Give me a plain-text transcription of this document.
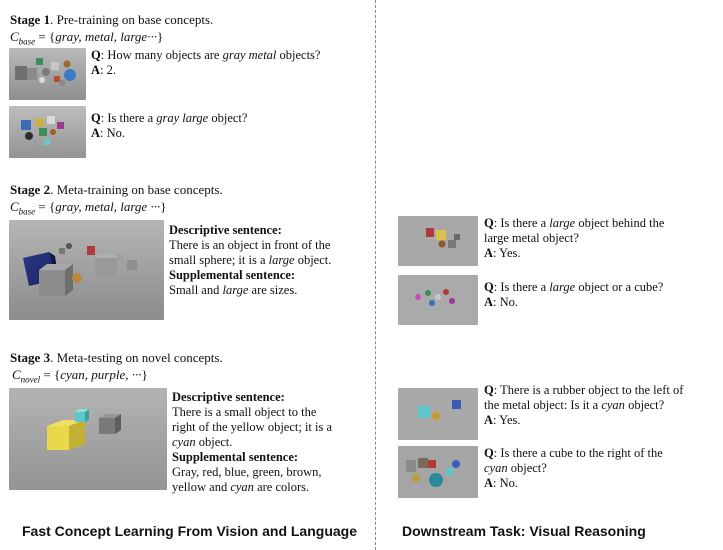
Stage 1. Pre-training on base concepts.
$C_{base}$ = {gray, metal, large···}
Q: How many objects are gray metal objects?
A: 2.
Q: Is there a gray large object?
A: No.
Stage 2. Meta-training on base concepts.
$C_{base}$ = {gray, metal, large ···}
Descriptive sentence:
There is an object in front of the
small sphere; it is a large object.
Supplemental sentence:
Small and large are sizes.
Stage 3. Meta-testing on novel concepts.
$C_{novel}$ = {cyan, purple, ···}
Descriptive sentence:
There is a small object to the
right of the yellow object; it is a
cyan object.
Supplemental sentence:
Gray, red, blue, green, brown,
yellow and cyan are colors.
Q: Is there a large object behind the
large metal object?
A: Yes.
Q: Is there a large object or a cube?
A: No.
Q: There is a rubber object to the left of
the metal object: Is it a cyan object?
A: Yes.
Q: Is there a cube to the right of the
cyan object?
A: No.
Fast Concept Learning From Vision and Language	Downstream Task: Visual Reasoning
